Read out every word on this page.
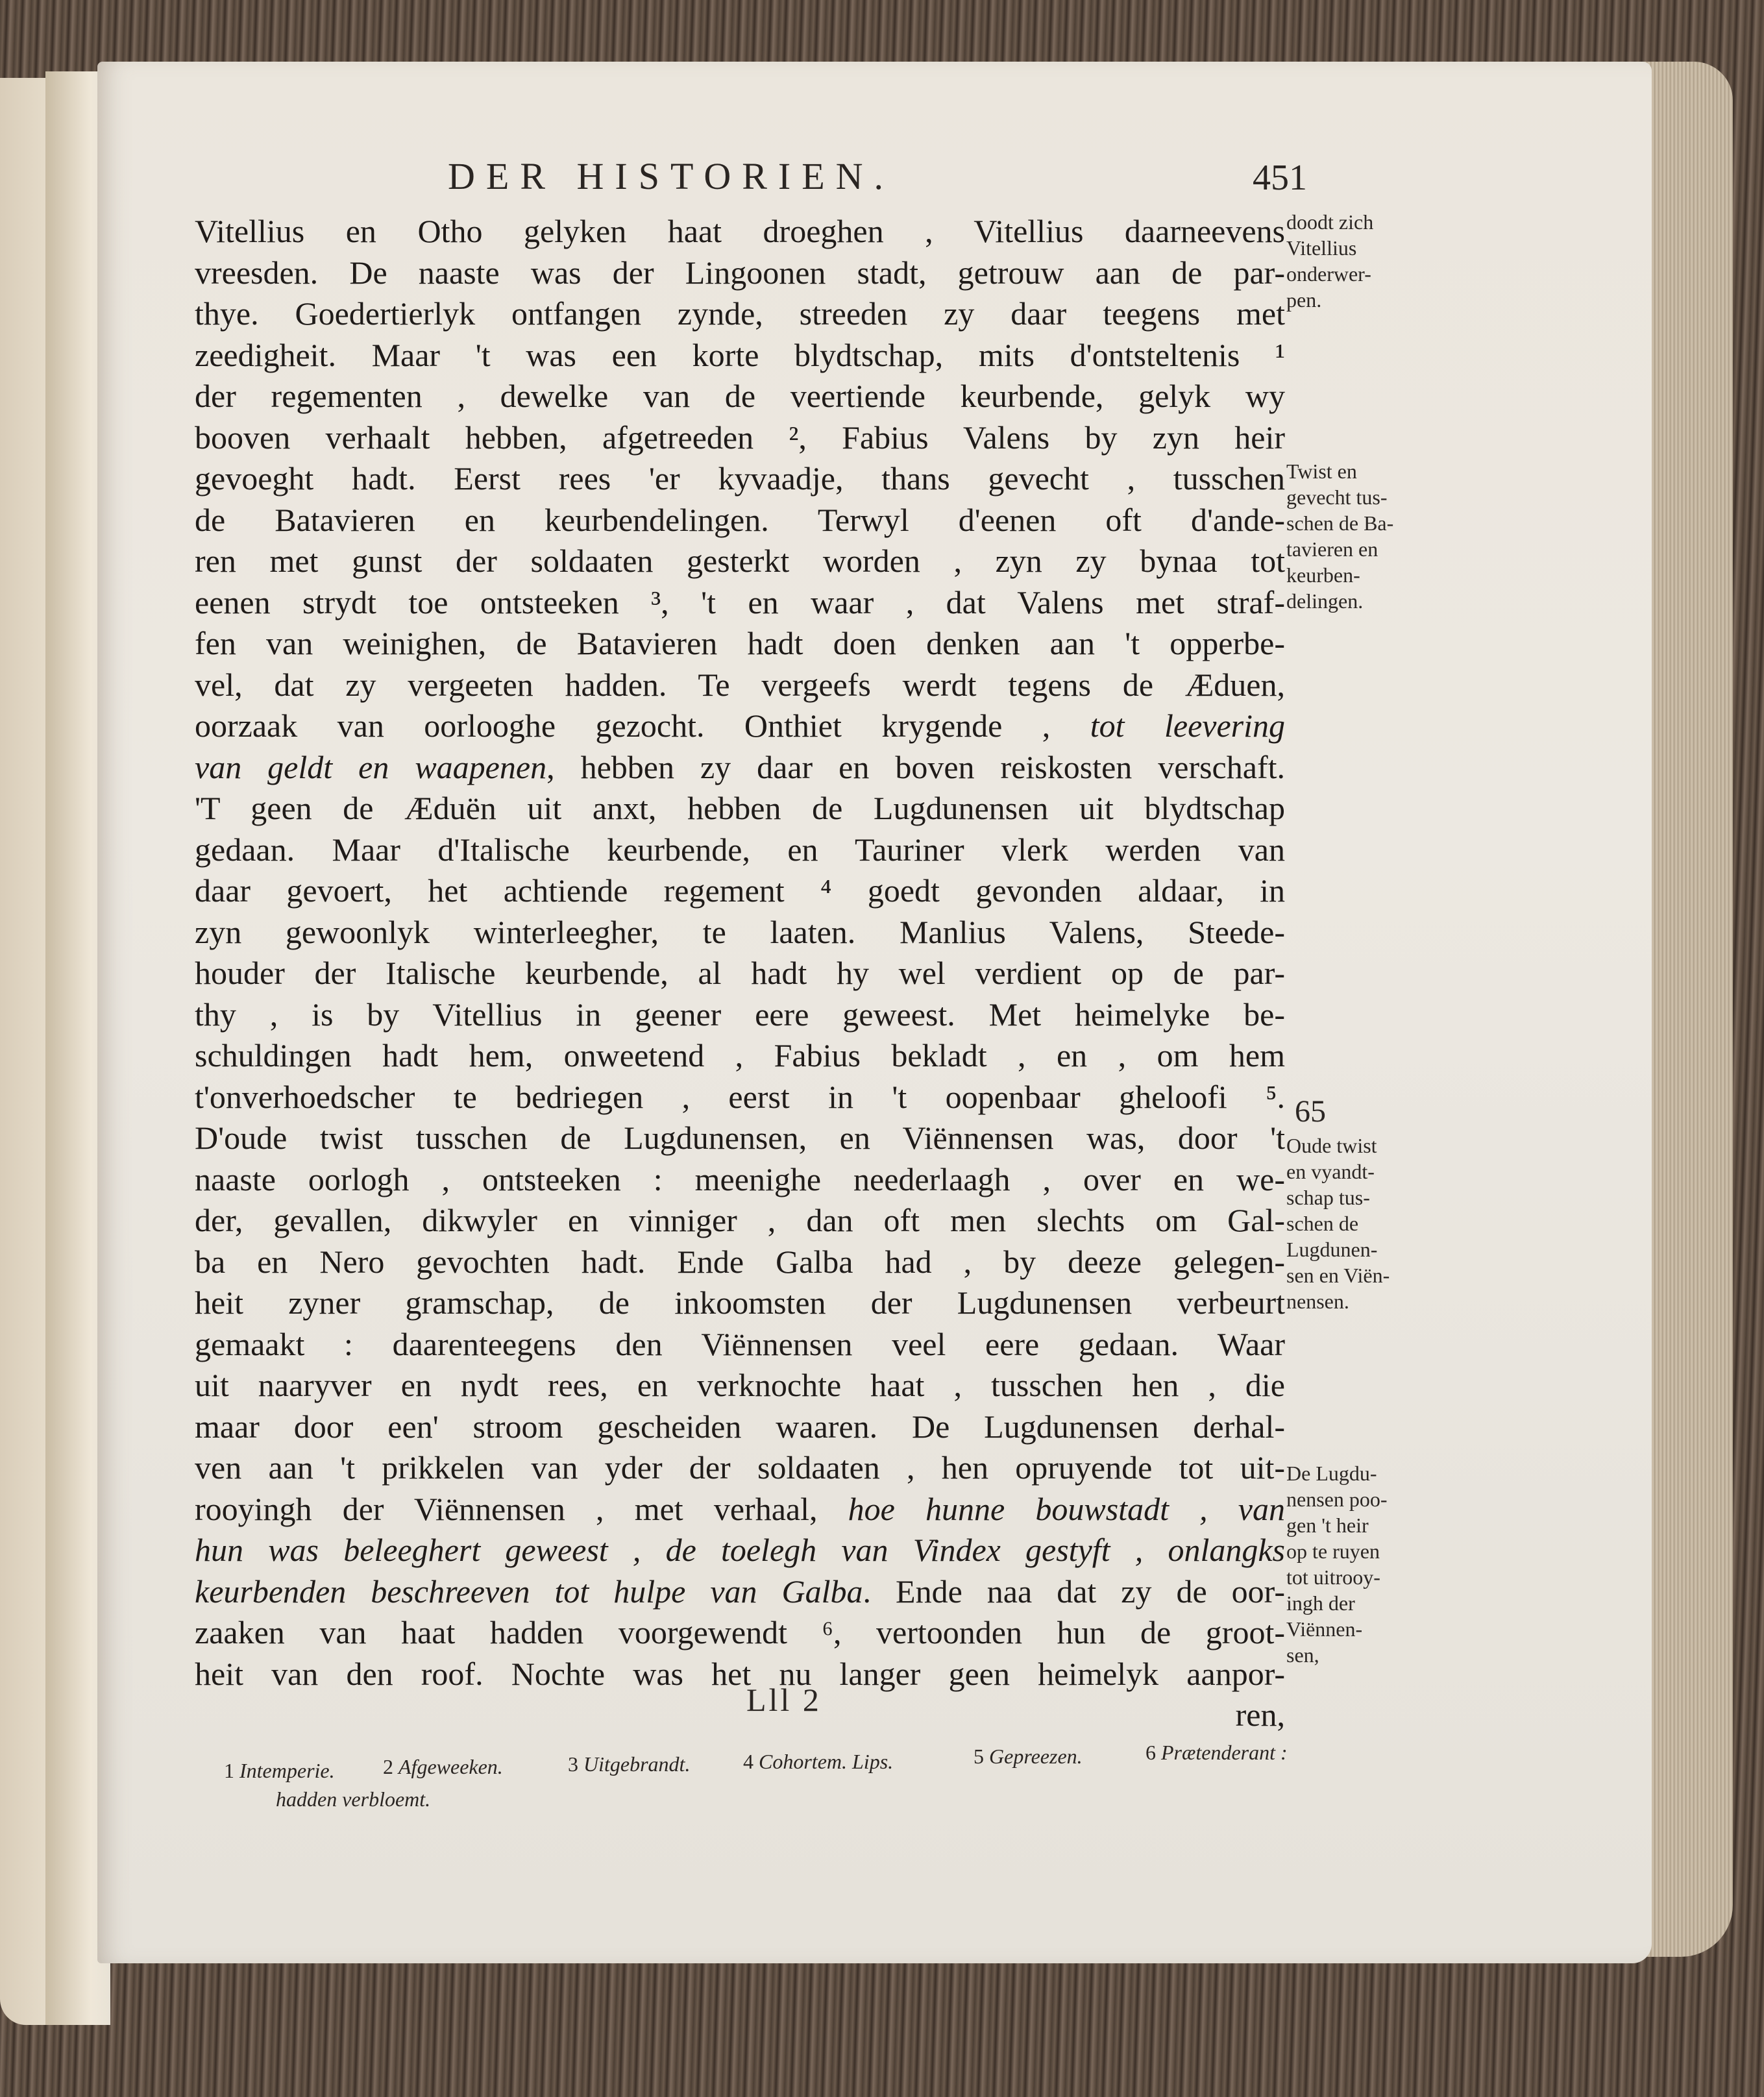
DER HISTORIEN.	451
Vitellius en Otho gelyken haat droeghen , Vitellius daarneevens
vreesden. De naaste was der Lingoonen stadt, getrouw aan de par-
thye. Goedertierlyk ontfangen zynde, streeden zy daar teegens met
zeedigheit. Maar 't was een korte blydtschap, mits d'ontsteltenis ¹
der regementen , dewelke van de veertiende keurbende, gelyk wy
booven verhaalt hebben, afgetreeden ², Fabius Valens by zyn heir
gevoeght hadt. Eerst rees 'er kyvaadje, thans gevecht , tusschen
de Batavieren en keurbendelingen. Terwyl d'eenen oft d'ande-
ren met gunst der soldaaten gesterkt worden , zyn zy bynaa tot
eenen strydt toe ontsteeken ³, 't en waar , dat Valens met straf-
fen van weinighen, de Batavieren hadt doen denken aan 't opperbe-
vel, dat zy vergeeten hadden. Te vergeefs werdt tegens de Æduen,
oorzaak van oorlooghe gezocht. Onthiet krygende , tot leevering
van geldt en waapenen, hebben zy daar en boven reiskosten verschaft.
'T geen de Æduën uit anxt, hebben de Lugdunensen uit blydtschap
gedaan. Maar d'Italische keurbende, en Tauriner vlerk werden van
daar gevoert, het achtiende regement ⁴ goedt gevonden aldaar, in
zyn gewoonlyk winterleegher, te laaten. Manlius Valens, Steede-
houder der Italische keurbende, al hadt hy wel verdient op de par-
thy , is by Vitellius in geener eere geweest. Met heimelyke be-
schuldingen hadt hem, onweetend , Fabius bekladt , en , om hem
t'onverhoedscher te bedriegen , eerst in 't oopenbaar gheloofi ⁵.
D'oude twist tusschen de Lugdunensen, en Viënnensen was, door 't
naaste oorlogh , ontsteeken : meenighe neederlaagh , over en we-
der, gevallen, dikwyler en vinniger , dan oft men slechts om Gal-
ba en Nero gevochten hadt. Ende Galba had , by deeze gelegen-
heit zyner gramschap, de inkoomsten der Lugdunensen verbeurt
gemaakt : daarenteegens den Viënnensen veel eere gedaan. Waar
uit naaryver en nydt rees, en verknochte haat , tusschen hen , die
maar door een' stroom gescheiden waaren. De Lugdunensen derhal-
ven aan 't prikkelen van yder der soldaaten , hen opruyende tot uit-
rooyingh der Viënnensen , met verhaal, hoe hunne bouwstadt , van
hun was beleeghert geweest , de toelegh van Vindex gestyft , onlangks
keurbenden beschreeven tot hulpe van Galba. Ende naa dat zy de oor-
zaaken van haat hadden voorgewendt ⁶, vertoonden hun de groot-
heit van den roof. Nochte was het nu langer geen heimelyk aanpor-
ren,
doodt zich
Vitellius
onderwer-
pen.
Twist en
gevecht tus-
schen de Ba-
tavieren en
keurben-
delingen.
65
Oude twist
en vyandt-
schap tus-
schen de
Lugdunen-
sen en Viën-
nensen.
De Lugdu-
nensen poo-
gen 't heir
op te ruyen
tot uitrooy-
ingh der
Viënnen-
sen,
Lll 2
1 Intemperie. 2 Afgeweeken.	3 Uitgebrandt.	4 Cohortem. Lips.	5 Gepreezen.	6 Prætenderant :
hadden verbloemt.
